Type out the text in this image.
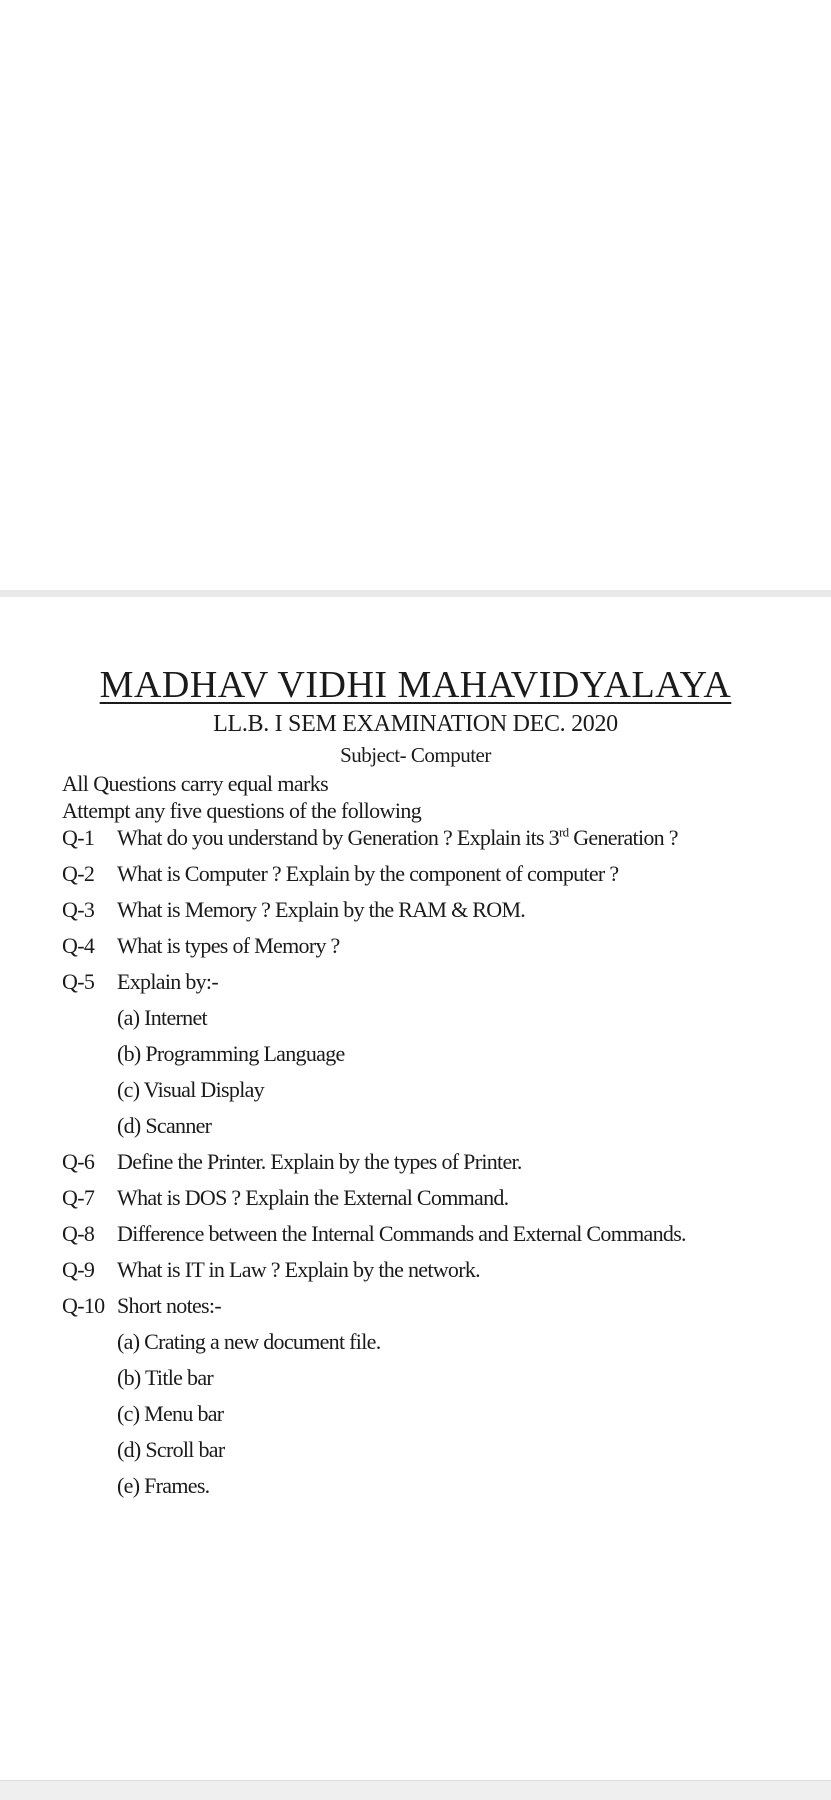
MADHAV VIDHI MAHAVIDYALAYA
LL.B. I SEM EXAMINATION DEC. 2020
Subject- Computer
All Questions carry equal marks
Attempt any five questions of the following
Q-1 What do you understand by Generation ? Explain its 3rd Generation ?
Q-2 What is Computer ? Explain by the component of computer ?
Q-3 What is Memory ? Explain by the RAM & ROM.
Q-4 What is types of Memory ?
Q-5 Explain by:-
(a) Internet
(b) Programming Language
(c) Visual Display
(d) Scanner
Q-6 Define the Printer. Explain by the types of Printer.
Q-7 What is DOS ? Explain the External Command.
Q-8 Difference between the Internal Commands and External Commands.
Q-9 What is IT in Law ? Explain by the network.
Q-10 Short notes:-
(a) Crating a new document file.
(b) Title bar
(c) Menu bar
(d) Scroll bar
(e) Frames.
